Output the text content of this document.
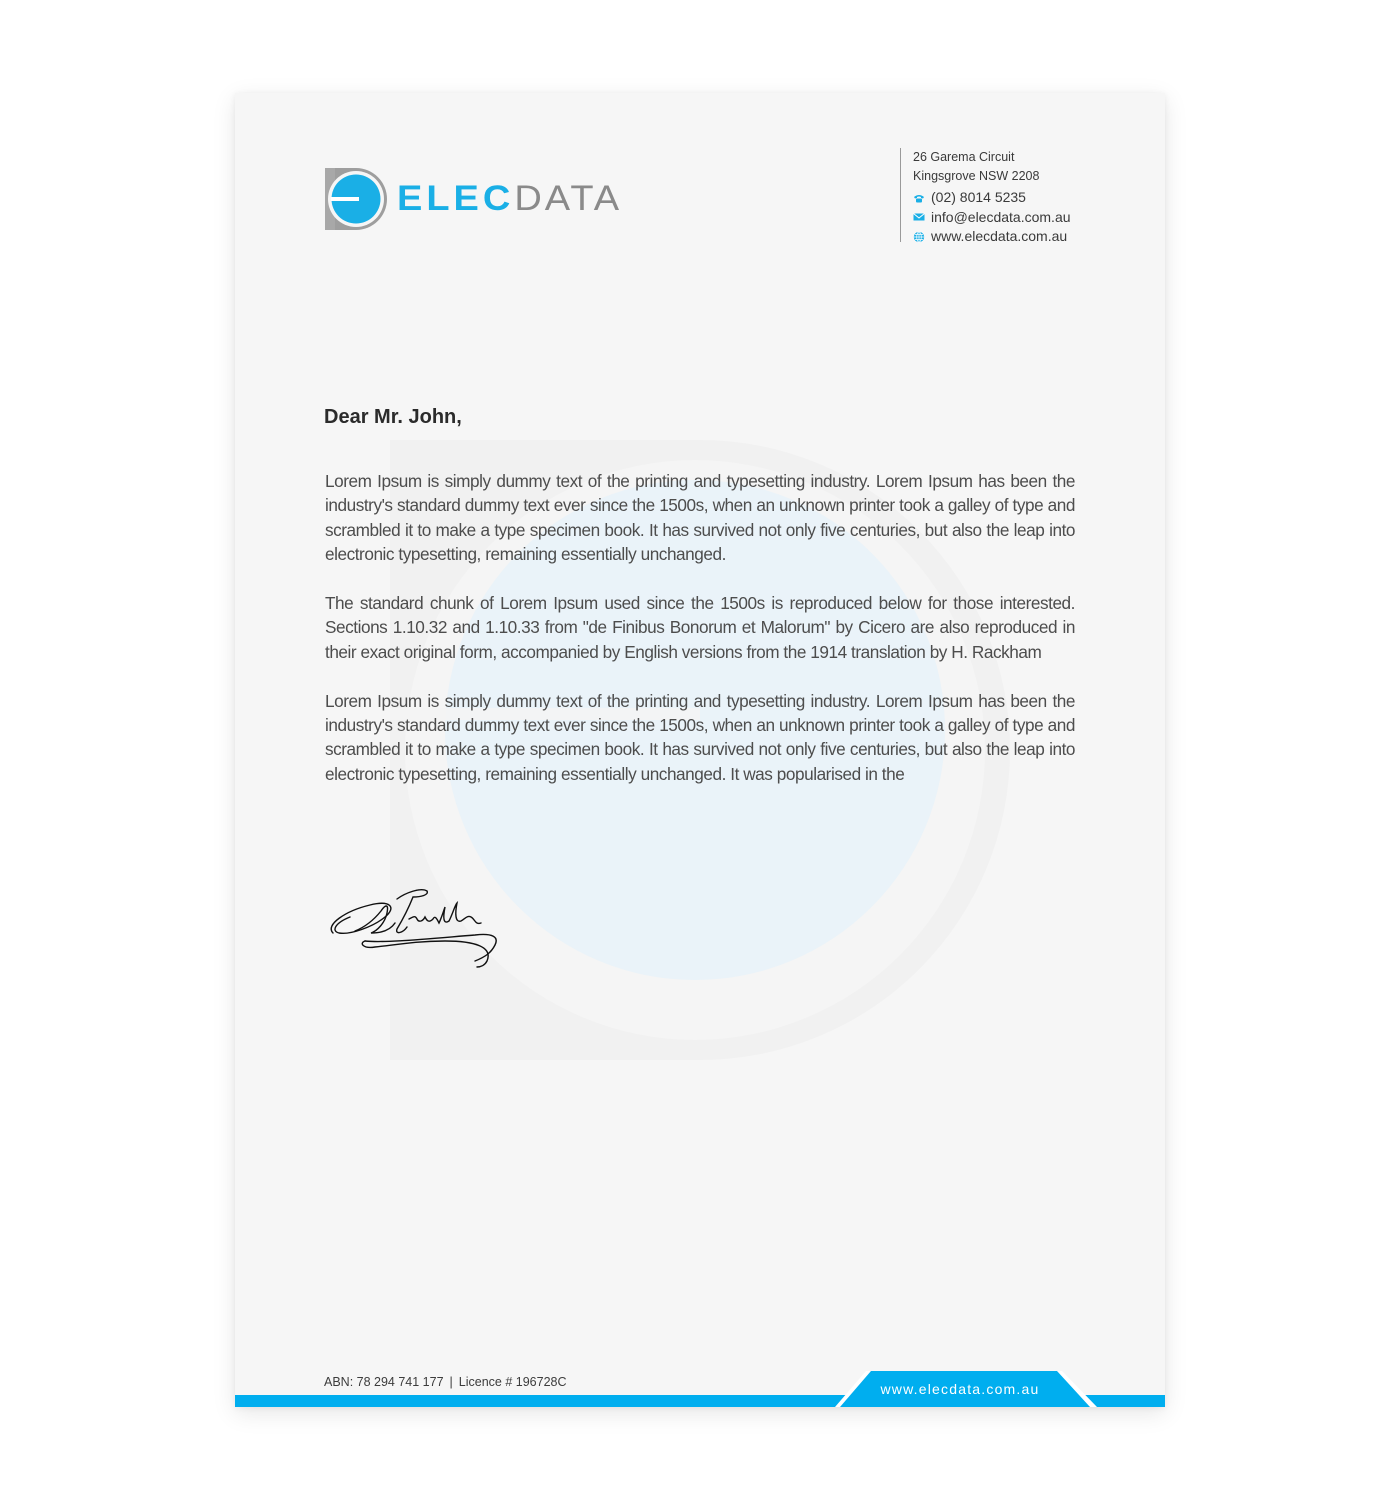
ELECDATA
26 Garema Circuit
Kingsgrove NSW 2208
(02) 8014 5235
info@elecdata.com.au
www.elecdata.com.au
Dear Mr. John,

Lorem Ipsum is simply dummy text of the printing and typesetting industry. Lorem Ipsum has been the industry's standard dummy text ever since the 1500s, when an unknown printer took a galley of type and scrambled it to make a type specimen book. It has survived not only five centuries, but also the leap into electronic typesetting, remaining essentially unchanged.

The standard chunk of Lorem Ipsum used since the 1500s is reproduced below for those interested. Sections 1.10.32 and 1.10.33 from "de Finibus Bonorum et Malorum" by Cicero are also reproduced in their exact original form, accompanied by English versions from the 1914 translation by H. Rackham

Lorem Ipsum is simply dummy text of the printing and typesetting industry. Lorem Ipsum has been the industry's standard dummy text ever since the 1500s, when an unknown printer took a galley of type and scrambled it to make a type specimen book. It has survived not only five centuries, but also the leap into electronic typesetting, remaining essentially unchanged. It was popularised in the

ABN: 78 294 741 177 | Licence # 196728C	www.elecdata.com.au
